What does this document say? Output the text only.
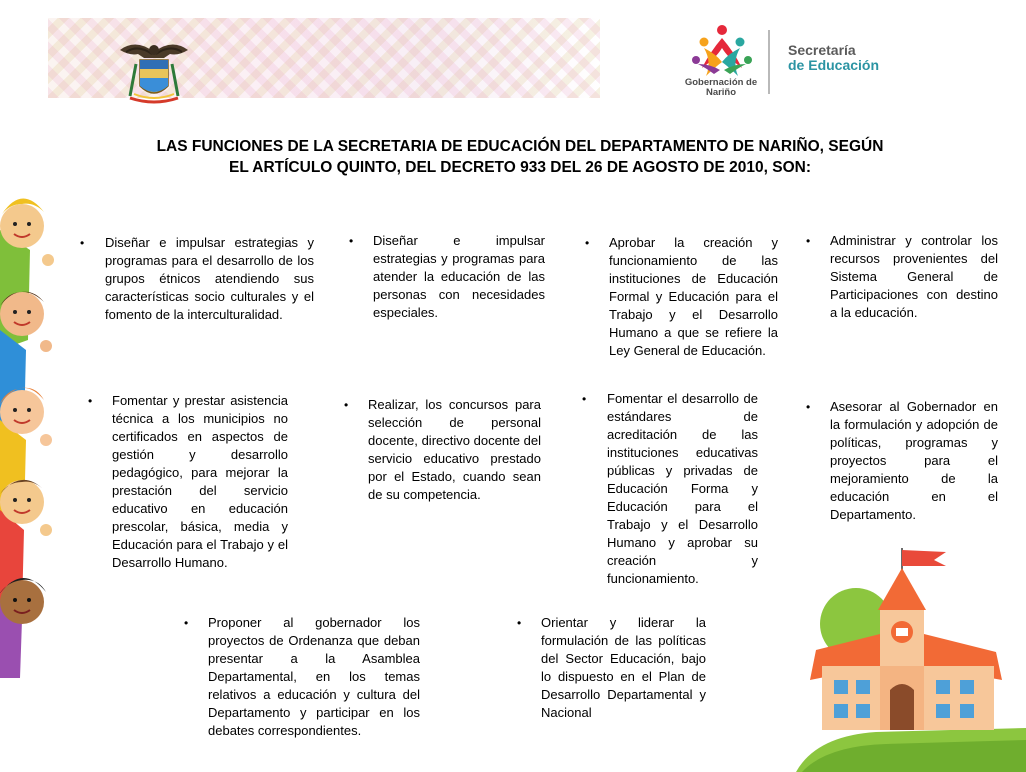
Gobernación de Nariño
Secretaría
de Educación
LAS FUNCIONES DE LA SECRETARIA DE EDUCACIÓN DEL DEPARTAMENTO DE NARIÑO, SEGÚN EL ARTÍCULO QUINTO, DEL DECRETO 933 DEL 26 DE AGOSTO DE 2010, SON:
• Diseñar e impulsar estrategias y programas para el desarrollo de los grupos étnicos atendiendo sus características socio culturales y el fomento de la interculturalidad.
• Diseñar e impulsar estrategias y programas para atender la educación de las personas con necesidades especiales.
• Aprobar la creación y funcionamiento de las instituciones de Educación Formal y Educación para el Trabajo y el Desarrollo Humano a que se refiere la Ley General de Educación.
• Administrar y controlar los recursos provenientes del Sistema General de Participaciones con destino a la educación.
• Fomentar y prestar asistencia técnica a los municipios no certificados en aspectos de gestión y desarrollo pedagógico, para mejorar la prestación del servicio educativo en educación prescolar, básica, media y Educación para el Trabajo y el Desarrollo Humano.
• Realizar, los concursos para selección de personal docente, directivo docente del servicio educativo prestado por el Estado, cuando sean de su competencia.
• Fomentar el desarrollo de estándares de acreditación de las instituciones educativas públicas y privadas de Educación Forma y Educación para el Trabajo y el Desarrollo Humano y aprobar su creación y funcionamiento.
• Asesorar al Gobernador en la formulación y adopción de políticas, programas y proyectos para el mejoramiento de la educación en el Departamento.
• Proponer al gobernador los proyectos de Ordenanza que deban presentar a la Asamblea Departamental, en los temas relativos a educación y cultura del Departamento y participar en los debates correspondientes.
• Orientar y liderar la formulación de las políticas del Sector Educación, bajo lo dispuesto en el Plan de Desarrollo Departamental y Nacional
